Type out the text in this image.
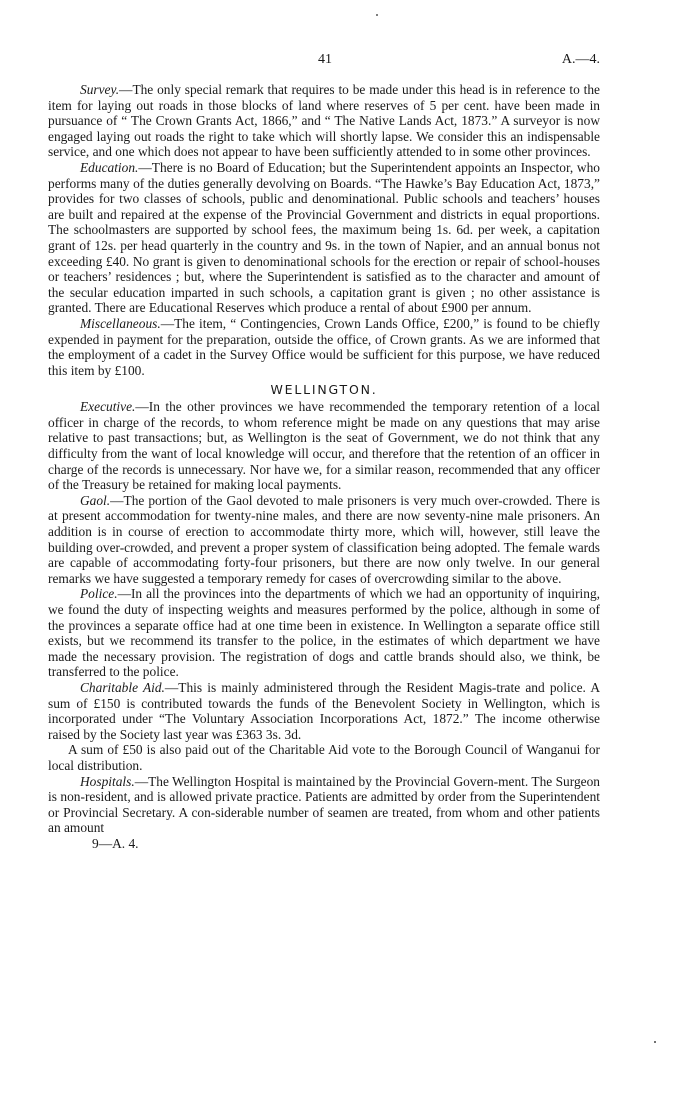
41	A.—4.

Survey.—The only special remark that requires to be made under this head is in reference to the item for laying out roads in those blocks of land where reserves of 5 per cent. have been made in pursuance of “ The Crown Grants Act, 1866,” and “ The Native Lands Act, 1873.” A surveyor is now engaged laying out roads the right to take which will shortly lapse. We consider this an indispensable service, and one which does not appear to have been sufficiently attended to in some other provinces.

Education.—There is no Board of Education; but the Superintendent appoints an Inspector, who performs many of the duties generally devolving on Boards. “The Hawke’s Bay Education Act, 1873,” provides for two classes of schools, public and denominational. Public schools and teachers’ houses are built and repaired at the expense of the Provincial Government and districts in equal proportions. The schoolmasters are supported by school fees, the maximum being 1s. 6d. per week, a capitation grant of 12s. per head quarterly in the country and 9s. in the town of Napier, and an annual bonus not exceeding £40. No grant is given to denominational schools for the erection or repair of school-houses or teachers’ residences ; but, where the Superintendent is satisfied as to the character and amount of the secular education imparted in such schools, a capitation grant is given ; no other assistance is granted. There are Educational Reserves which produce a rental of about £900 per annum.

Miscellaneous.—The item, “ Contingencies, Crown Lands Office, £200,” is found to be chiefly expended in payment for the preparation, outside the office, of Crown grants. As we are informed that the employment of a cadet in the Survey Office would be sufficient for this purpose, we have reduced this item by £100.

WELLINGTON.

Executive.—In the other provinces we have recommended the temporary retention of a local officer in charge of the records, to whom reference might be made on any questions that may arise relative to past transactions; but, as Wellington is the seat of Government, we do not think that any difficulty from the want of local knowledge will occur, and therefore that the retention of an officer in charge of the records is unnecessary. Nor have we, for a similar reason, recommended that any officer of the Treasury be retained for making local payments.

Gaol.—The portion of the Gaol devoted to male prisoners is very much over-crowded. There is at present accommodation for twenty-nine males, and there are now seventy-nine male prisoners. An addition is in course of erection to accommodate thirty more, which will, however, still leave the building over-crowded, and prevent a proper system of classification being adopted. The female wards are capable of accommodating forty-four prisoners, but there are now only twelve. In our general remarks we have suggested a temporary remedy for cases of overcrowding similar to the above.

Police.—In all the provinces into the departments of which we had an opportunity of inquiring, we found the duty of inspecting weights and measures performed by the police, although in some of the provinces a separate office had at one time been in existence. In Wellington a separate office still exists, but we recommend its transfer to the police, in the estimates of which department we have made the necessary provision. The registration of dogs and cattle brands should also, we think, be transferred to the police.

Charitable Aid.—This is mainly administered through the Resident Magis-trate and police. A sum of £150 is contributed towards the funds of the Benevolent Society in Wellington, which is incorporated under “The Voluntary Association Incorporations Act, 1872.” The income otherwise raised by the Society last year was £363 3s. 3d.

A sum of £50 is also paid out of the Charitable Aid vote to the Borough Council of Wanganui for local distribution.

Hospitals.—The Wellington Hospital is maintained by the Provincial Govern-ment. The Surgeon is non-resident, and is allowed private practice. Patients are admitted by order from the Superintendent or Provincial Secretary. A con-siderable number of seamen are treated, from whom and other patients an amount

9—A. 4.
